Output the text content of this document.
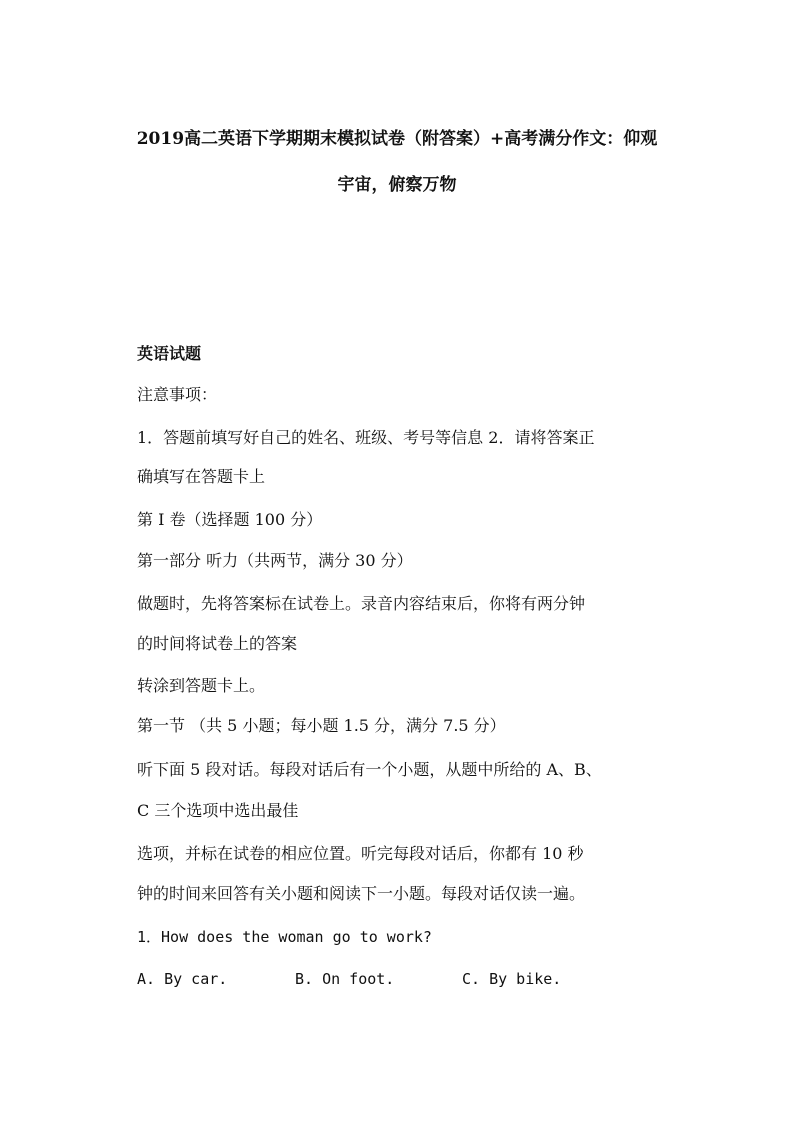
2019高二英语下学期期末模拟试卷（附答案）+高考满分作文：仰观
宇宙，俯察万物
英语试题
注意事项：
1．答题前填写好自己的姓名、班级、考号等信息 2．请将答案正
确填写在答题卡上
第 I 卷（选择题 100 分）
第一部分 听力（共两节，满分 30 分）
做题时，先将答案标在试卷上。录音内容结束后，你将有两分钟
的时间将试卷上的答案
转涂到答题卡上。
第一节 （共 5 小题；每小题 1.5 分，满分 7.5 分）
听下面 5 段对话。每段对话后有一个小题，从题中所给的 A、B、
C 三个选项中选出最佳
选项，并标在试卷的相应位置。听完每段对话后，你都有 10 秒
钟的时间来回答有关小题和阅读下一小题。每段对话仅读一遍。
1．How does the woman go to work?
A. By car.	B. On foot.	C. By bike.
